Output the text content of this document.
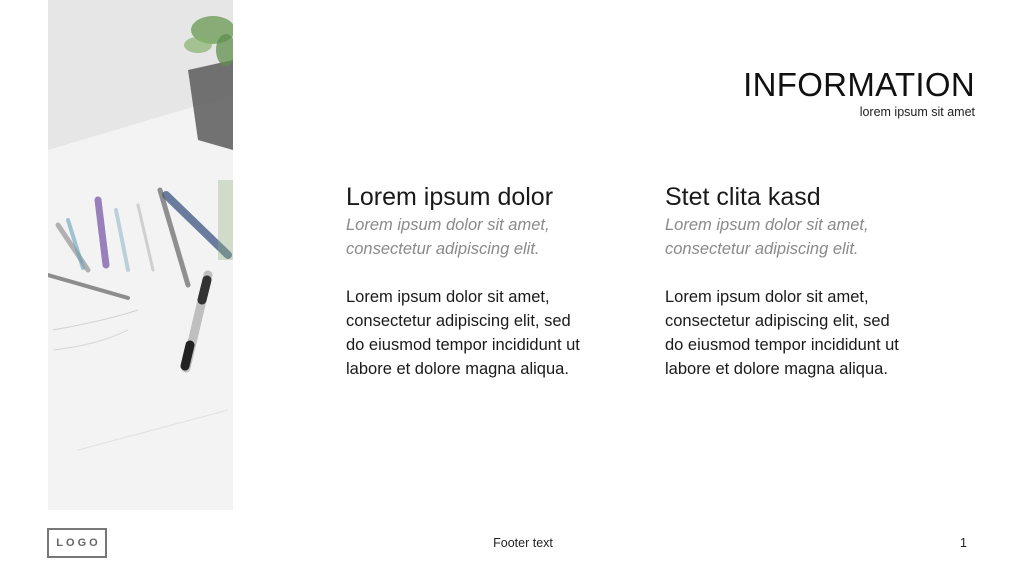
INFORMATION
lorem ipsum sit amet
Lorem ipsum dolor
Lorem ipsum dolor sit amet, consectetur adipiscing elit.
Lorem ipsum dolor sit amet, consectetur adipiscing elit, sed do eiusmod tempor incididunt ut labore et dolore magna aliqua.
Stet clita kasd
Lorem ipsum dolor sit amet, consectetur adipiscing elit.
Lorem ipsum dolor sit amet, consectetur adipiscing elit, sed do eiusmod tempor incididunt ut labore et dolore magna aliqua.
LOGO	Footer text	1
